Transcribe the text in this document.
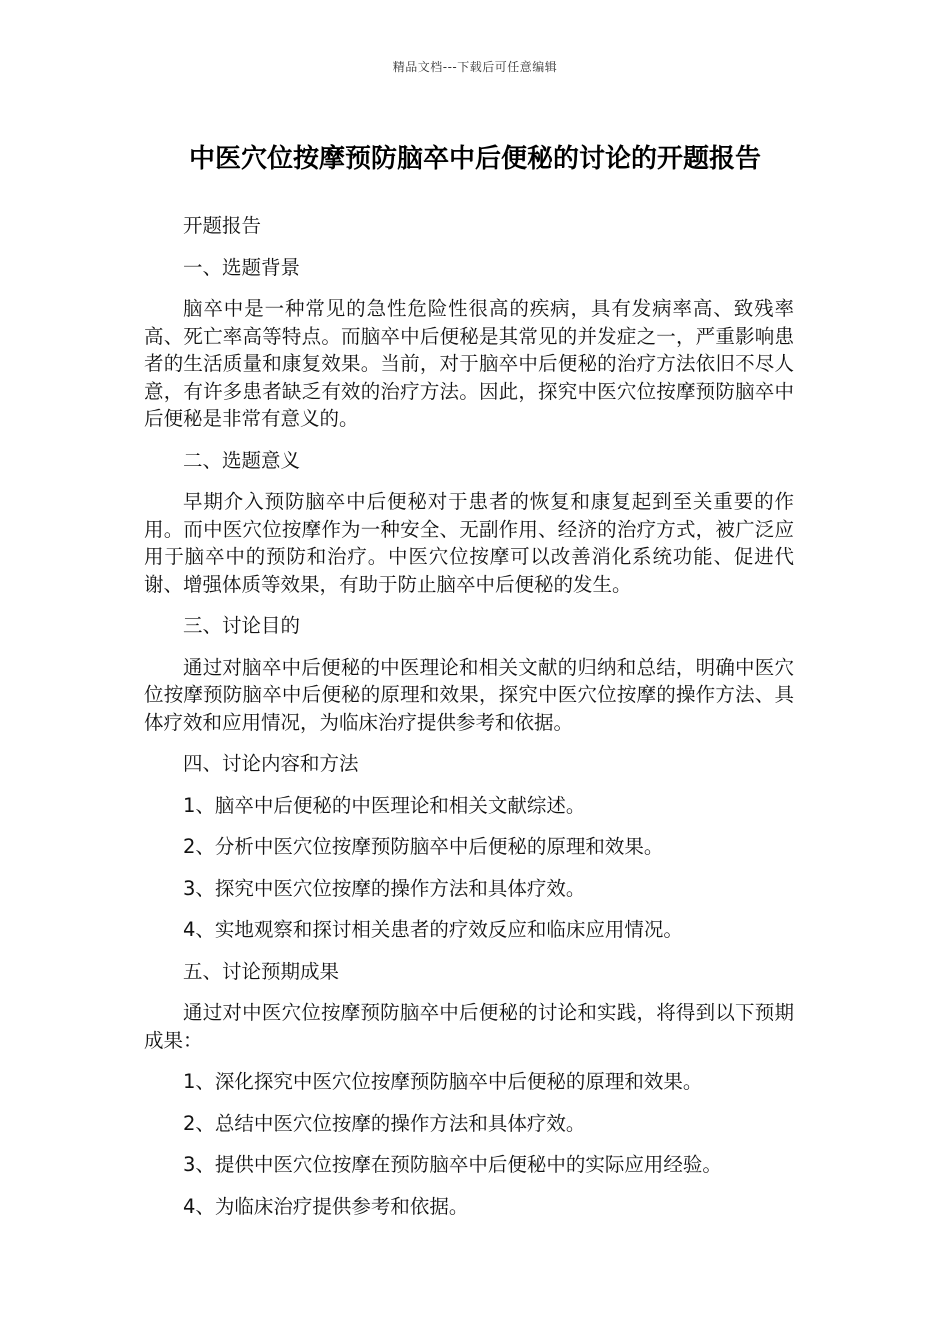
精品文档---下载后可任意编辑
中医穴位按摩预防脑卒中后便秘的讨论的开题报告

开题报告

一、选题背景

脑卒中是一种常见的急性危险性很高的疾病，具有发病率高、致残率高、死亡率高等特点。而脑卒中后便秘是其常见的并发症之一，严重影响患者的生活质量和康复效果。当前，对于脑卒中后便秘的治疗方法依旧不尽人意，有许多患者缺乏有效的治疗方法。因此，探究中医穴位按摩预防脑卒中后便秘是非常有意义的。

二、选题意义

早期介入预防脑卒中后便秘对于患者的恢复和康复起到至关重要的作用。而中医穴位按摩作为一种安全、无副作用、经济的治疗方式，被广泛应用于脑卒中的预防和治疗。中医穴位按摩可以改善消化系统功能、促进代谢、增强体质等效果，有助于防止脑卒中后便秘的发生。

三、讨论目的

通过对脑卒中后便秘的中医理论和相关文献的归纳和总结，明确中医穴位按摩预防脑卒中后便秘的原理和效果，探究中医穴位按摩的操作方法、具体疗效和应用情况，为临床治疗提供参考和依据。

四、讨论内容和方法

1、脑卒中后便秘的中医理论和相关文献综述。

2、分析中医穴位按摩预防脑卒中后便秘的原理和效果。

3、探究中医穴位按摩的操作方法和具体疗效。

4、实地观察和探讨相关患者的疗效反应和临床应用情况。

五、讨论预期成果

通过对中医穴位按摩预防脑卒中后便秘的讨论和实践，将得到以下预期成果：

1、深化探究中医穴位按摩预防脑卒中后便秘的原理和效果。

2、总结中医穴位按摩的操作方法和具体疗效。

3、提供中医穴位按摩在预防脑卒中后便秘中的实际应用经验。

4、为临床治疗提供参考和依据。
